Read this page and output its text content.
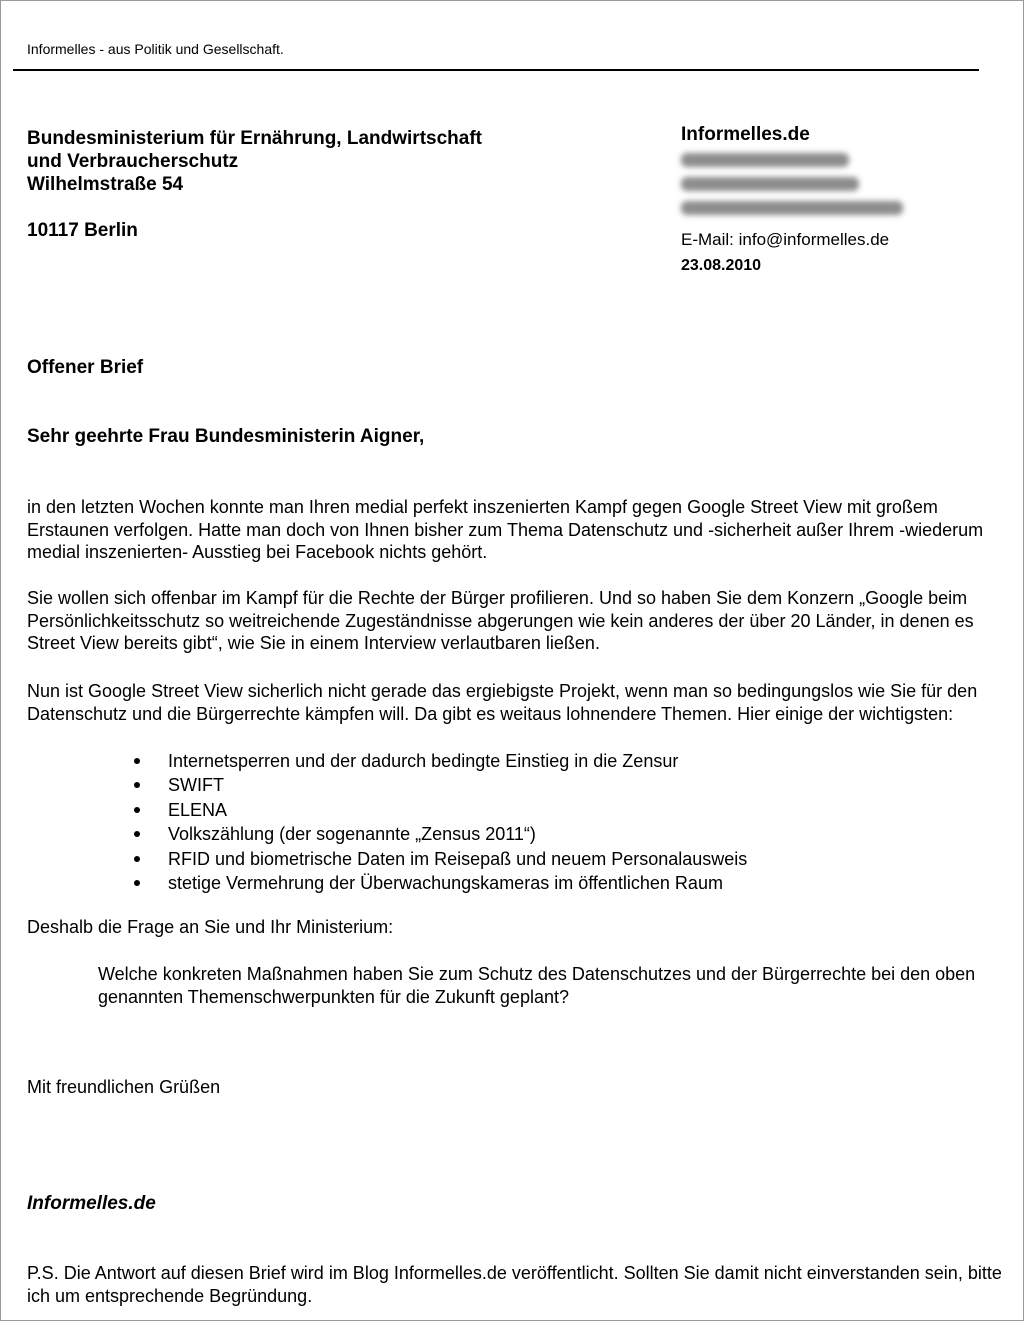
Informelles - aus Politik und Gesellschaft.
Bundesministerium für Ernährung, Landwirtschaft
und Verbraucherschutz
Wilhelmstraße 54
10117 Berlin
Informelles.de
E-Mail: info@informelles.de
23.08.2010
Offener Brief
Sehr geehrte Frau Bundesministerin Aigner,
in den letzten Wochen konnte man Ihren medial perfekt inszenierten Kampf gegen Google Street View mit großem Erstaunen verfolgen. Hatte man doch von Ihnen bisher zum Thema Datenschutz und -sicherheit außer Ihrem -wiederum medial inszenierten- Ausstieg bei Facebook nichts gehört.
Sie wollen sich offenbar im Kampf für die Rechte der Bürger profilieren. Und so haben Sie dem Konzern „Google beim Persönlichkeitsschutz so weitreichende Zugeständnisse abgerungen wie kein anderes der über 20 Länder, in denen es Street View bereits gibt“, wie Sie in einem Interview verlautbaren ließen.
Nun ist Google Street View sicherlich nicht gerade das ergiebigste Projekt, wenn man so bedingungslos wie Sie für den Datenschutz und die Bürgerrechte kämpfen will. Da gibt es weitaus lohnendere Themen. Hier einige der wichtigsten:
Internetsperren und der dadurch bedingte Einstieg in die Zensur
SWIFT
ELENA
Volkszählung (der sogenannte „Zensus 2011“)
RFID und biometrische Daten im Reisepaß und neuem Personalausweis
stetige Vermehrung der Überwachungskameras im öffentlichen Raum
Deshalb die Frage an Sie und Ihr Ministerium:
Welche konkreten Maßnahmen haben Sie zum Schutz des Datenschutzes und der Bürgerrechte bei den oben genannten Themenschwerpunkten für die Zukunft geplant?
Mit freundlichen Grüßen
Informelles.de
P.S. Die Antwort auf diesen Brief wird im Blog Informelles.de veröffentlicht. Sollten Sie damit nicht einverstanden sein, bitte ich um entsprechende Begründung.
